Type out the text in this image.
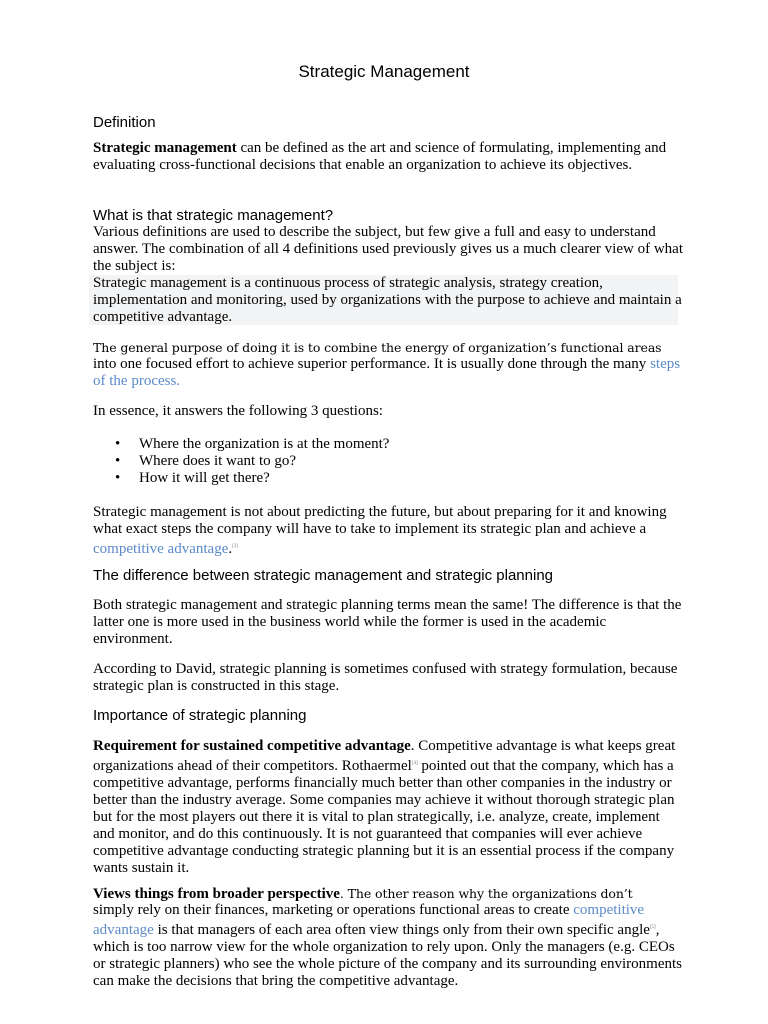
Strategic Management
Definition

Strategic management can be defined as the art and science of formulating, implementing and evaluating cross-functional decisions that enable an organization to achieve its objectives.

What is that strategic management?

Various definitions are used to describe the subject, but few give a full and easy to understand answer. The combination of all 4 definitions used previously gives us a much clearer view of what the subject is:

Strategic management is a continuous process of strategic analysis, strategy creation, implementation and monitoring, used by organizations with the purpose to achieve and maintain a competitive advantage.

The general purpose of doing it is to combine the energy of organization’s functional areas

into one focused effort to achieve superior performance. It is usually done through the many steps of the process.

In essence, it answers the following 3 questions:

• Where the organization is at the moment?
• Where does it want to go?
• How it will get there?

Strategic management is not about predicting the future, but about preparing for it and knowing what exact steps the company will have to take to implement its strategic plan and achieve a competitive advantage.[3]

The difference between strategic management and strategic planning

Both strategic management and strategic planning terms mean the same! The difference is that the latter one is more used in the business world while the former is used in the academic environment.

According to David, strategic planning is sometimes confused with strategy formulation, because strategic plan is constructed in this stage.

Importance of strategic planning

Requirement for sustained competitive advantage. Competitive advantage is what keeps great organizations ahead of their competitors. Rothaermel[4] pointed out that the company, which has a competitive advantage, performs financially much better than other companies in the industry or better than the industry average. Some companies may achieve it without thorough strategic plan but for the most players out there it is vital to plan strategically, i.e. analyze, create, implement and monitor, and do this continuously. It is not guaranteed that companies will ever achieve competitive advantage conducting strategic planning but it is an essential process if the company wants sustain it.

Views things from broader perspective. The other reason why the organizations don’t

simply rely on their finances, marketing or operations functional areas to create competitive advantage is that managers of each area often view things only from their own specific angle[5], which is too narrow view for the whole organization to rely upon. Only the managers (e.g. CEOs or strategic planners) who see the whole picture of the company and its surrounding environments can make the decisions that bring the competitive advantage.
